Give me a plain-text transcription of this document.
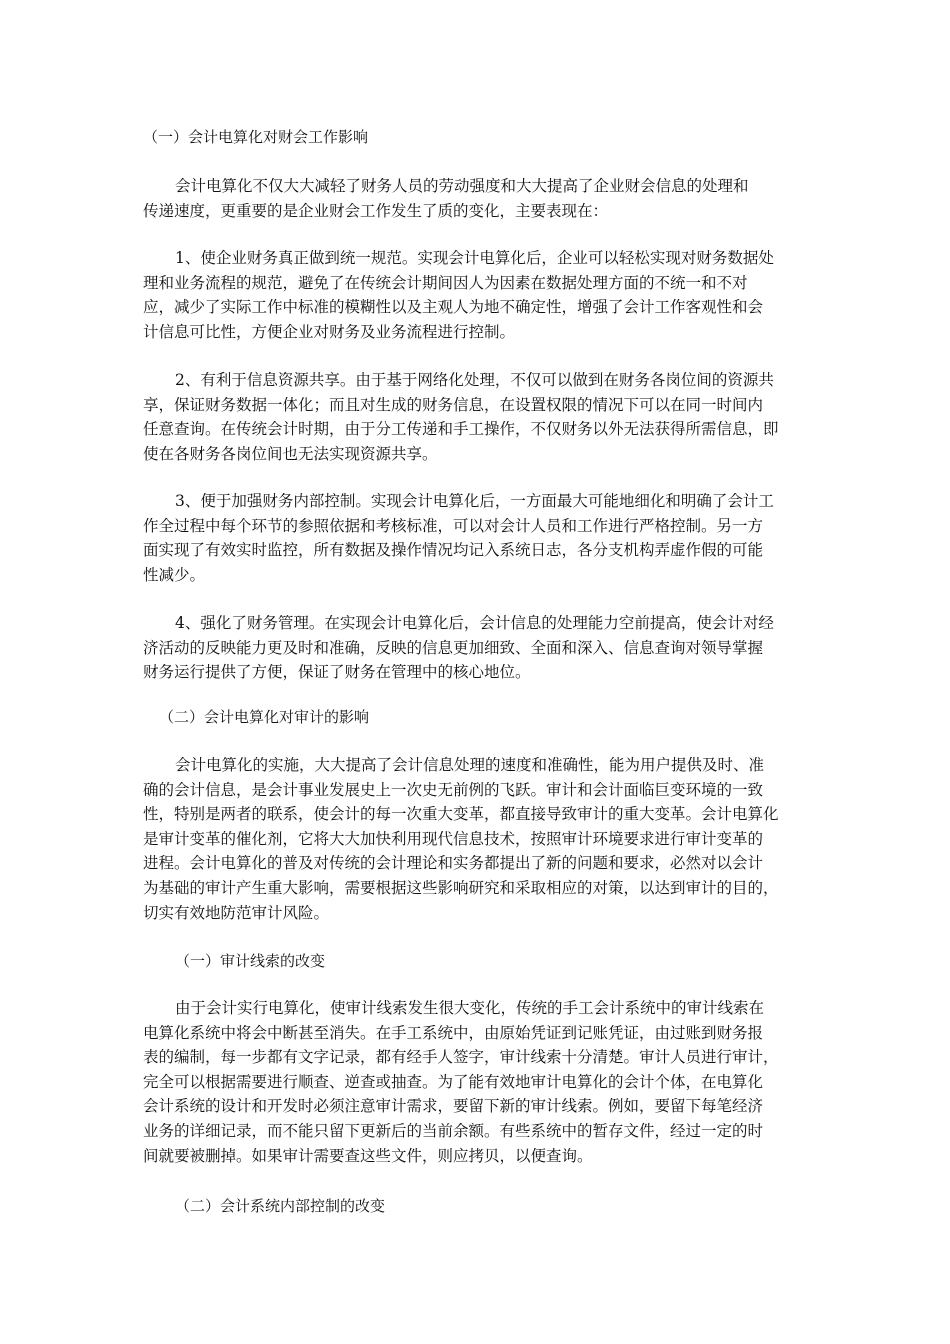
（一）会计电算化对财会工作影响
会计电算化不仅大大减轻了财务人员的劳动强度和大大提高了企业财会信息的处理和
传递速度，更重要的是企业财会工作发生了质的变化，主要表现在：
1、使企业财务真正做到统一规范。实现会计电算化后，企业可以轻松实现对财务数据处
理和业务流程的规范，避免了在传统会计期间因人为因素在数据处理方面的不统一和不对
应，减少了实际工作中标准的模糊性以及主观人为地不确定性，增强了会计工作客观性和会
计信息可比性，方便企业对财务及业务流程进行控制。
2、有利于信息资源共享。由于基于网络化处理，不仅可以做到在财务各岗位间的资源共
享，保证财务数据一体化；而且对生成的财务信息，在设置权限的情况下可以在同一时间内
任意查询。在传统会计时期，由于分工传递和手工操作，不仅财务以外无法获得所需信息，即
使在各财务各岗位间也无法实现资源共享。
3、便于加强财务内部控制。实现会计电算化后，一方面最大可能地细化和明确了会计工
作全过程中每个环节的参照依据和考核标准，可以对会计人员和工作进行严格控制。另一方
面实现了有效实时监控，所有数据及操作情况均记入系统日志，各分支机构弄虚作假的可能
性减少。
4、强化了财务管理。在实现会计电算化后，会计信息的处理能力空前提高，使会计对经
济活动的反映能力更及时和准确，反映的信息更加细致、全面和深入、信息查询对领导掌握
财务运行提供了方便，保证了财务在管理中的核心地位。
（二）会计电算化对审计的影响
会计电算化的实施，大大提高了会计信息处理的速度和准确性，能为用户提供及时、准
确的会计信息，是会计事业发展史上一次史无前例的飞跃。审计和会计面临巨变环境的一致
性，特别是两者的联系，使会计的每一次重大变革，都直接导致审计的重大变革。会计电算化
是审计变革的催化剂，它将大大加快利用现代信息技术，按照审计环境要求进行审计变革的
进程。会计电算化的普及对传统的会计理论和实务都提出了新的问题和要求，必然对以会计
为基础的审计产生重大影响，需要根据这些影响研究和采取相应的对策，以达到审计的目的，
切实有效地防范审计风险。
（一）审计线索的改变
由于会计实行电算化，使审计线索发生很大变化，传统的手工会计系统中的审计线索在
电算化系统中将会中断甚至消失。在手工系统中，由原始凭证到记账凭证，由过账到财务报
表的编制，每一步都有文字记录，都有经手人签字，审计线索十分清楚。审计人员进行审计，
完全可以根据需要进行顺查、逆查或抽查。为了能有效地审计电算化的会计个体，在电算化
会计系统的设计和开发时必须注意审计需求，要留下新的审计线索。例如，要留下每笔经济
业务的详细记录，而不能只留下更新后的当前余额。有些系统中的暂存文件，经过一定的时
间就要被删掉。如果审计需要查这些文件，则应拷贝，以便查询。
（二）会计系统内部控制的改变
